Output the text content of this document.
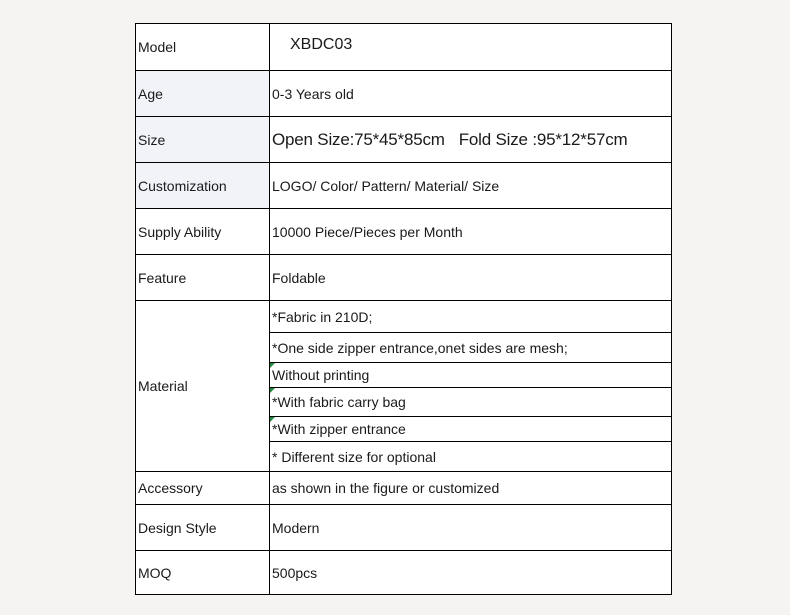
Model	XBDC03
Age	0-3 Years old
Size	Open Size:75*45*85cm Fold Size :95*12*57cm
Customization	LOGO/ Color/ Pattern/ Material/ Size
Supply Ability	10000 Piece/Pieces per Month
Feature	Foldable
Material	*Fabric in 210D;
	*One side zipper entrance,onet sides are mesh;
	Without printing
	*With fabric carry bag
	*With zipper entrance
	* Different size for optional
Accessory	as shown in the figure or customized
Design Style	Modern
MOQ	500pcs
